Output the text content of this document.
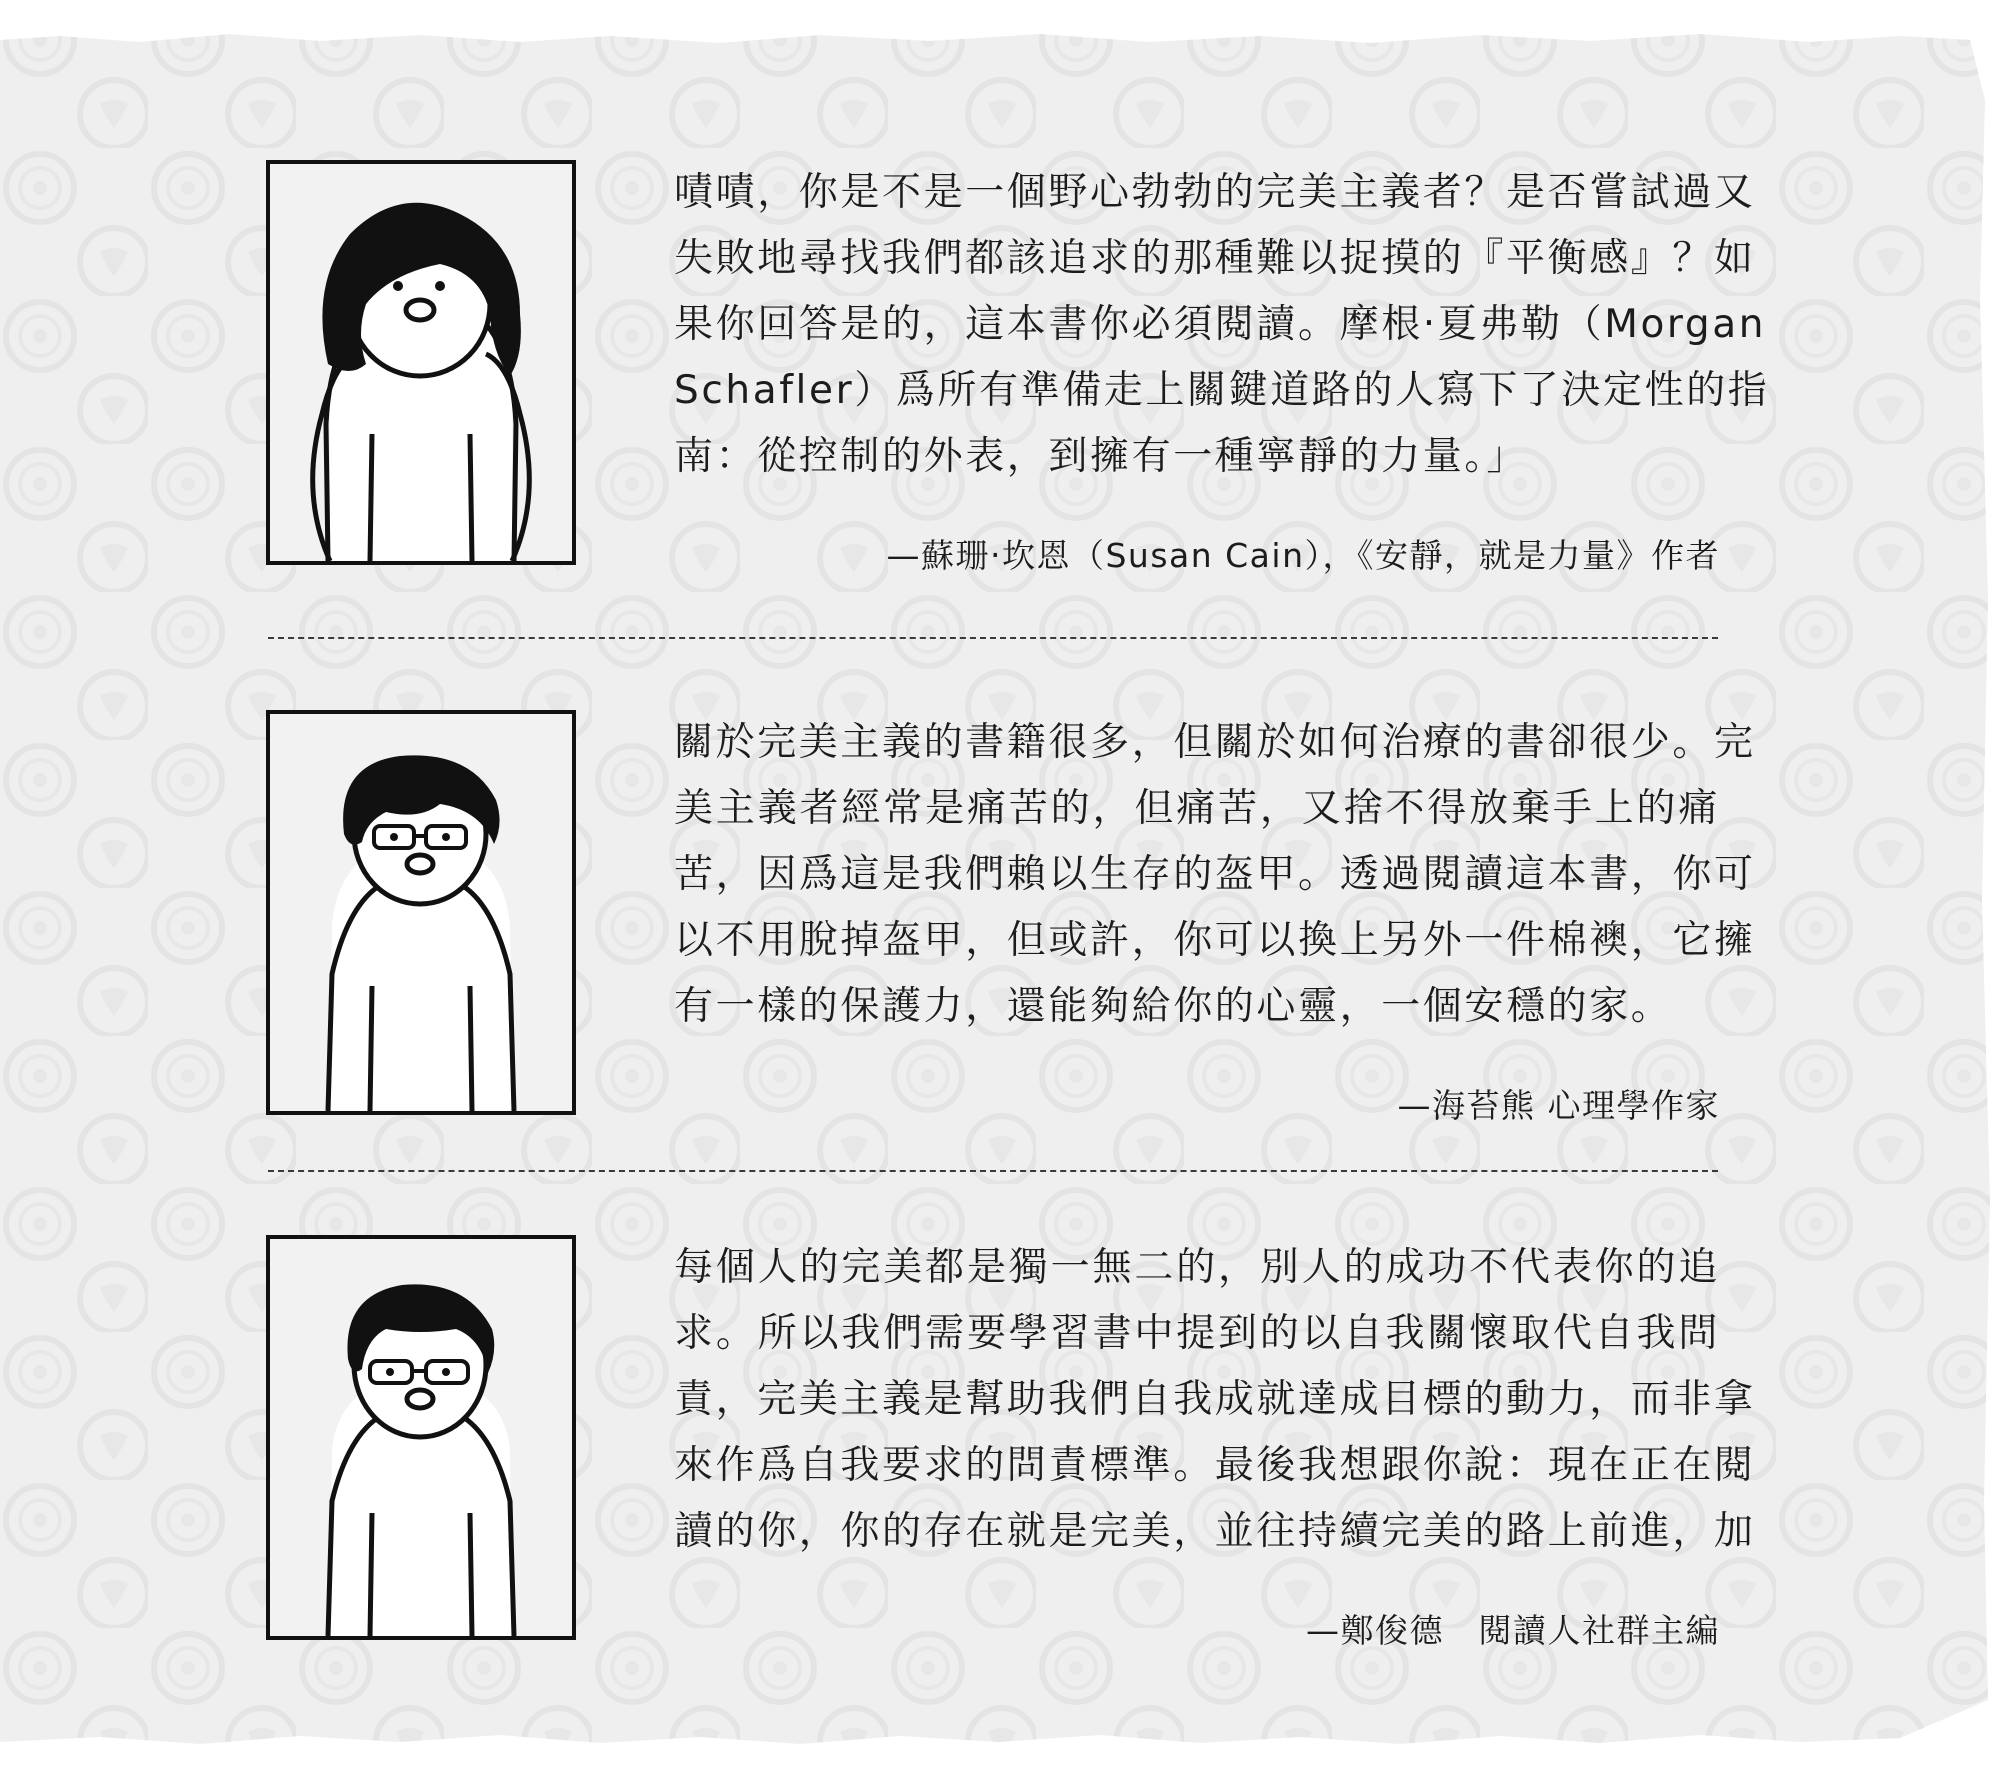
嘖嘖，你是不是一個野心勃勃的完美主義者？是否嘗試過又
失敗地尋找我們都該追求的那種難以捉摸的『平衡感』？如
果你回答是的，這本書你必須閱讀。摩根‧夏弗勒（Morgan
Schafler）爲所有準備走上關鍵道路的人寫下了決定性的指
南：從控制的外表，到擁有一種寧靜的力量。」
—蘇珊‧坎恩（Susan Cain），《安靜，就是力量》作者
關於完美主義的書籍很多，但關於如何治療的書卻很少。完
美主義者經常是痛苦的，但痛苦，又捨不得放棄手上的痛
苦，因爲這是我們賴以生存的盔甲。透過閱讀這本書，你可
以不用脫掉盔甲，但或許，你可以換上另外一件棉襖，它擁
有一樣的保護力，還能夠給你的心靈，一個安穩的家。
—海苔熊 心理學作家
每個人的完美都是獨一無二的，別人的成功不代表你的追
求。所以我們需要學習書中提到的以自我關懷取代自我問
責，完美主義是幫助我們自我成就達成目標的動力，而非拿
來作爲自我要求的問責標準。最後我想跟你說：現在正在閱
讀的你，你的存在就是完美，並往持續完美的路上前進，加
—鄭俊德　閱讀人社群主編
